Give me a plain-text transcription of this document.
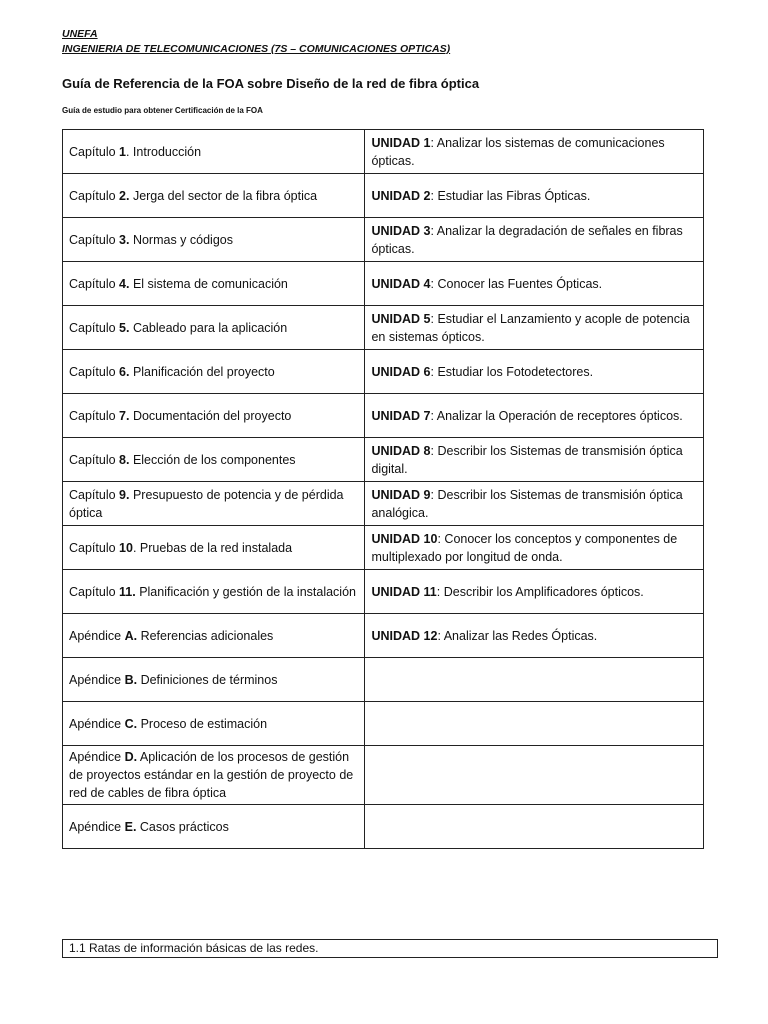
UNEFA
INGENIERIA DE TELECOMUNICACIONES (7S – COMUNICACIONES OPTICAS)
Guía de Referencia de la FOA sobre Diseño de la red de fibra óptica
Guía de estudio para obtener Certificación de la FOA
Capítulo 1. Introducción	UNIDAD 1: Analizar los sistemas de comunicaciones ópticas.
Capítulo 2. Jerga del sector de la fibra óptica	UNIDAD 2: Estudiar las Fibras Ópticas.
Capítulo 3. Normas y códigos	UNIDAD 3: Analizar la degradación de señales en fibras ópticas.
Capítulo 4. El sistema de comunicación	UNIDAD 4: Conocer las Fuentes Ópticas.
Capítulo 5. Cableado para la aplicación	UNIDAD 5: Estudiar el Lanzamiento y acople de potencia en sistemas ópticos.
Capítulo 6. Planificación del proyecto	UNIDAD 6: Estudiar los Fotodetectores.
Capítulo 7. Documentación del proyecto	UNIDAD 7: Analizar la Operación de receptores ópticos.
Capítulo 8. Elección de los componentes	UNIDAD 8: Describir los Sistemas de transmisión óptica digital.
Capítulo 9. Presupuesto de potencia y de pérdida óptica	UNIDAD 9: Describir los Sistemas de transmisión óptica analógica.
Capítulo 10. Pruebas de la red instalada	UNIDAD 10: Conocer los conceptos y componentes de multiplexado por longitud de onda.
Capítulo 11. Planificación y gestión de la instalación	UNIDAD 11: Describir los Amplificadores ópticos.
Apéndice A. Referencias adicionales	UNIDAD 12: Analizar las Redes Ópticas.
Apéndice B. Definiciones de términos	
Apéndice C. Proceso de estimación	
Apéndice D. Aplicación de los procesos de gestión de proyectos estándar en la gestión de proyecto de red de cables de fibra óptica	
Apéndice E. Casos prácticos	
1.1 Ratas de información básicas de las redes.
